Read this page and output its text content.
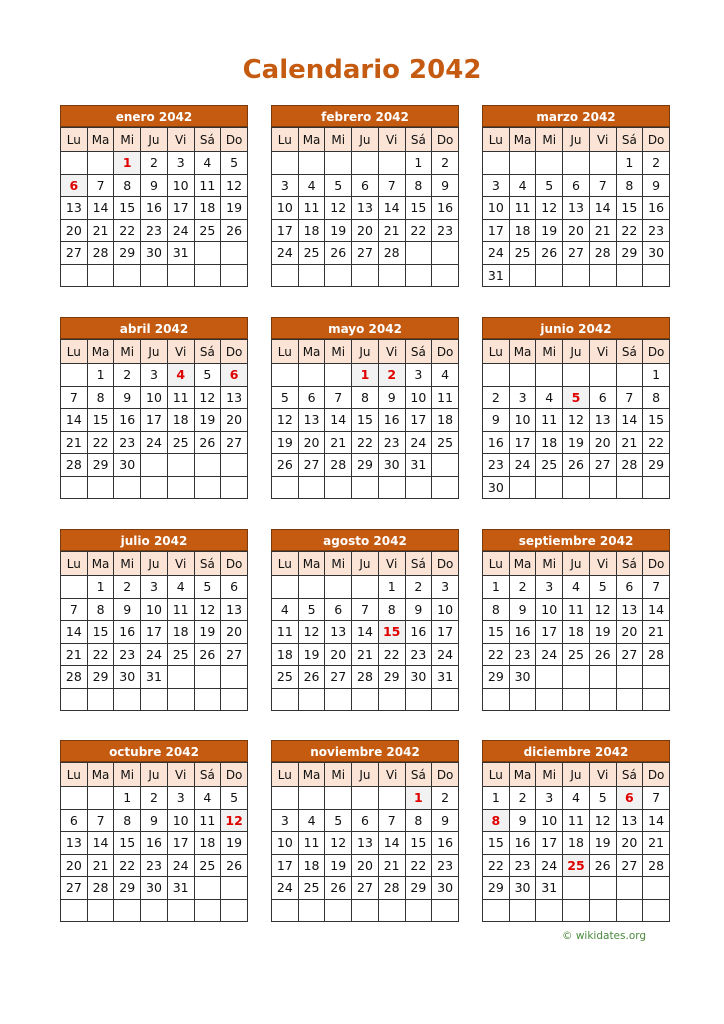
Calendario 2042
enero 2042
Lu	Ma	Mi	Ju	Vi	Sá	Do
		1	2	3	4	5
6	7	8	9	10	11	12
13	14	15	16	17	18	19
20	21	22	23	24	25	26
27	28	29	30	31		

febrero 2042
Lu	Ma	Mi	Ju	Vi	Sá	Do
					1	2
3	4	5	6	7	8	9
10	11	12	13	14	15	16
17	18	19	20	21	22	23
24	25	26	27	28		

marzo 2042
Lu	Ma	Mi	Ju	Vi	Sá	Do
					1	2
3	4	5	6	7	8	9
10	11	12	13	14	15	16
17	18	19	20	21	22	23
24	25	26	27	28	29	30
31						
abril 2042
Lu	Ma	Mi	Ju	Vi	Sá	Do
	1	2	3	4	5	6
7	8	9	10	11	12	13
14	15	16	17	18	19	20
21	22	23	24	25	26	27
28	29	30				

mayo 2042
Lu	Ma	Mi	Ju	Vi	Sá	Do
			1	2	3	4
5	6	7	8	9	10	11
12	13	14	15	16	17	18
19	20	21	22	23	24	25
26	27	28	29	30	31	

junio 2042
Lu	Ma	Mi	Ju	Vi	Sá	Do
						1
2	3	4	5	6	7	8
9	10	11	12	13	14	15
16	17	18	19	20	21	22
23	24	25	26	27	28	29
30						
julio 2042
Lu	Ma	Mi	Ju	Vi	Sá	Do
	1	2	3	4	5	6
7	8	9	10	11	12	13
14	15	16	17	18	19	20
21	22	23	24	25	26	27
28	29	30	31			

agosto 2042
Lu	Ma	Mi	Ju	Vi	Sá	Do
				1	2	3
4	5	6	7	8	9	10
11	12	13	14	15	16	17
18	19	20	21	22	23	24
25	26	27	28	29	30	31

septiembre 2042
Lu	Ma	Mi	Ju	Vi	Sá	Do
1	2	3	4	5	6	7
8	9	10	11	12	13	14
15	16	17	18	19	20	21
22	23	24	25	26	27	28
29	30					

octubre 2042
Lu	Ma	Mi	Ju	Vi	Sá	Do
		1	2	3	4	5
6	7	8	9	10	11	12
13	14	15	16	17	18	19
20	21	22	23	24	25	26
27	28	29	30	31		

noviembre 2042
Lu	Ma	Mi	Ju	Vi	Sá	Do
					1	2
3	4	5	6	7	8	9
10	11	12	13	14	15	16
17	18	19	20	21	22	23
24	25	26	27	28	29	30

diciembre 2042
Lu	Ma	Mi	Ju	Vi	Sá	Do
1	2	3	4	5	6	7
8	9	10	11	12	13	14
15	16	17	18	19	20	21
22	23	24	25	26	27	28
29	30	31				

© wikidates.org
